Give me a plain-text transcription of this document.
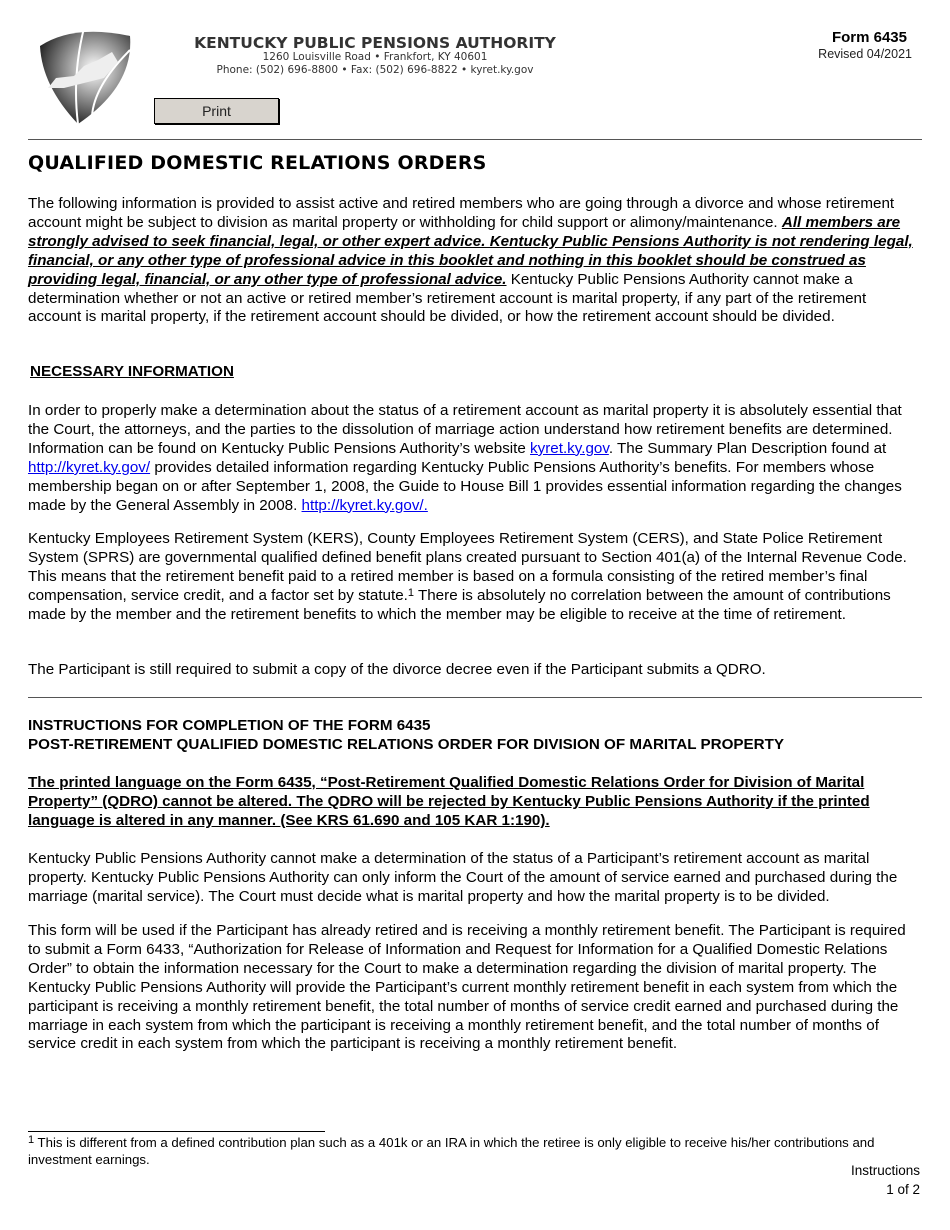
KENTUCKY PUBLIC PENSIONS AUTHORITY
1260 Louisville Road • Frankfort, KY 40601
Phone: (502) 696-8800 • Fax: (502) 696-8822 • kyret.ky.gov
Print
Form 6435
Revised 04/2021
QUALIFIED DOMESTIC RELATIONS ORDERS
The following information is provided to assist active and retired members who are going through a divorce and whose retirement account might be subject to division as marital property or withholding for child support or alimony/maintenance. All members are strongly advised to seek financial, legal, or other expert advice. Kentucky Public Pensions Authority is not rendering legal, financial, or any other type of professional advice in this booklet and nothing in this booklet should be construed as providing legal, financial, or any other type of professional advice. Kentucky Public Pensions Authority cannot make a determination whether or not an active or retired member’s retirement account is marital property, if any part of the retirement account is marital property, if the retirement account should be divided, or how the retirement account should be divided.
NECESSARY INFORMATION
In order to properly make a determination about the status of a retirement account as marital property it is absolutely essential that the Court, the attorneys, and the parties to the dissolution of marriage action understand how retirement benefits are determined. Information can be found on Kentucky Public Pensions Authority’s website kyret.ky.gov. The Summary Plan Description found at http://kyret.ky.gov/ provides detailed information regarding Kentucky Public Pensions Authority’s benefits. For members whose membership began on or after September 1, 2008, the Guide to House Bill 1 provides essential information regarding the changes made by the General Assembly in 2008. http://kyret.ky.gov/.
Kentucky Employees Retirement System (KERS), County Employees Retirement System (CERS), and State Police Retirement System (SPRS) are governmental qualified defined benefit plans created pursuant to Section 401(a) of the Internal Revenue Code. This means that the retirement benefit paid to a retired member is based on a formula consisting of the retired member’s final compensation, service credit, and a factor set by statute.$^1$ There is absolutely no correlation between the amount of contributions made by the member and the retirement benefits to which the member may be eligible to receive at the time of retirement.
The Participant is still required to submit a copy of the divorce decree even if the Participant submits a QDRO.
INSTRUCTIONS FOR COMPLETION OF THE FORM 6435
POST-RETIREMENT QUALIFIED DOMESTIC RELATIONS ORDER FOR DIVISION OF MARITAL PROPERTY
The printed language on the Form 6435, “Post-Retirement Qualified Domestic Relations Order for Division of Marital Property” (QDRO) cannot be altered. The QDRO will be rejected by Kentucky Public Pensions Authority if the printed language is altered in any manner. (See KRS 61.690 and 105 KAR 1:190).
Kentucky Public Pensions Authority cannot make a determination of the status of a Participant’s retirement account as marital property. Kentucky Public Pensions Authority can only inform the Court of the amount of service earned and purchased during the marriage (marital service). The Court must decide what is marital property and how the marital property is to be divided.
This form will be used if the Participant has already retired and is receiving a monthly retirement benefit. The Participant is required to submit a Form 6433, “Authorization for Release of Information and Request for Information for a Qualified Domestic Relations Order” to obtain the information necessary for the Court to make a determination regarding the division of marital property. The Kentucky Public Pensions Authority will provide the Participant’s current monthly retirement benefit in each system from which the participant is receiving a monthly retirement benefit, the total number of months of service credit earned and purchased during the marriage in each system from which the participant is receiving a monthly retirement benefit, and the total number of months of service credit in each system from which the participant is receiving a monthly retirement benefit.
$^1$ This is different from a defined contribution plan such as a 401k or an IRA in which the retiree is only eligible to receive his/her contributions and investment earnings.
Instructions
1 of 2
